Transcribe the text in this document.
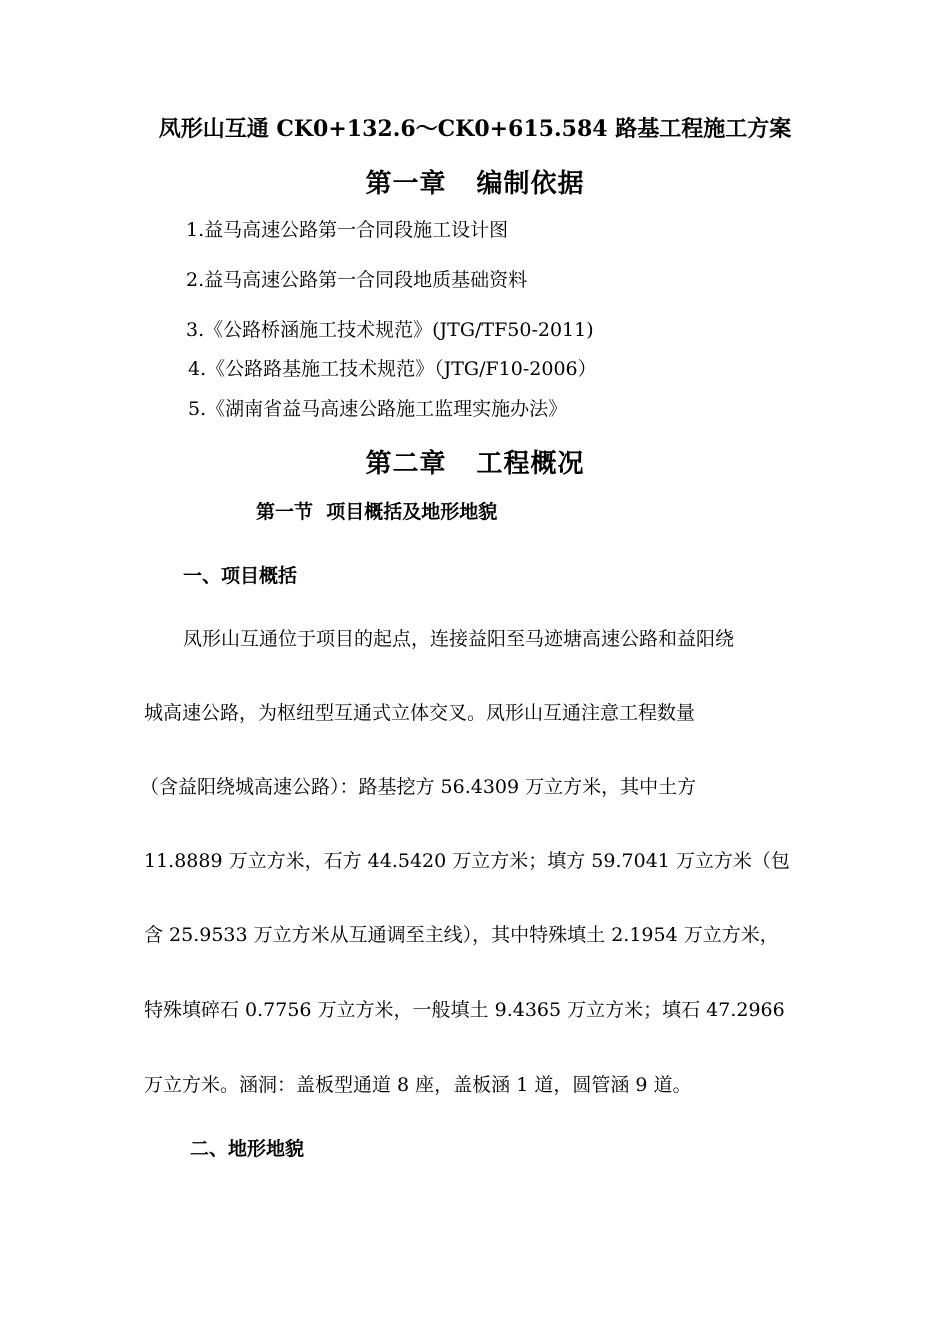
凤形山互通 CK0+132.6～CK0+615.584 路基工程施工方案
第一章 编制依据
1.益马高速公路第一合同段施工设计图
2.益马高速公路第一合同段地质基础资料
3.《公路桥涵施工技术规范》(JTG/TF50-2011)
4.《公路路基施工技术规范》（JTG/F10-2006）
5.《湖南省益马高速公路施工监理实施办法》
第二章 工程概况
第一节  项目概括及地形地貌
一、项目概括
凤形山互通位于项目的起点，连接益阳至马迹塘高速公路和益阳绕
城高速公路，为枢纽型互通式立体交叉。凤形山互通注意工程数量
（含益阳绕城高速公路）：路基挖方 56.4309 万立方米，其中土方
11.8889 万立方米，石方 44.5420 万立方米；填方 59.7041 万立方米（包
含 25.9533 万立方米从互通调至主线），其中特殊填土 2.1954 万立方米，
特殊填碎石 0.7756 万立方米，一般填土 9.4365 万立方米；填石 47.2966
万立方米。涵洞：盖板型通道 8 座，盖板涵 1 道，圆管涵 9 道。
二、地形地貌
